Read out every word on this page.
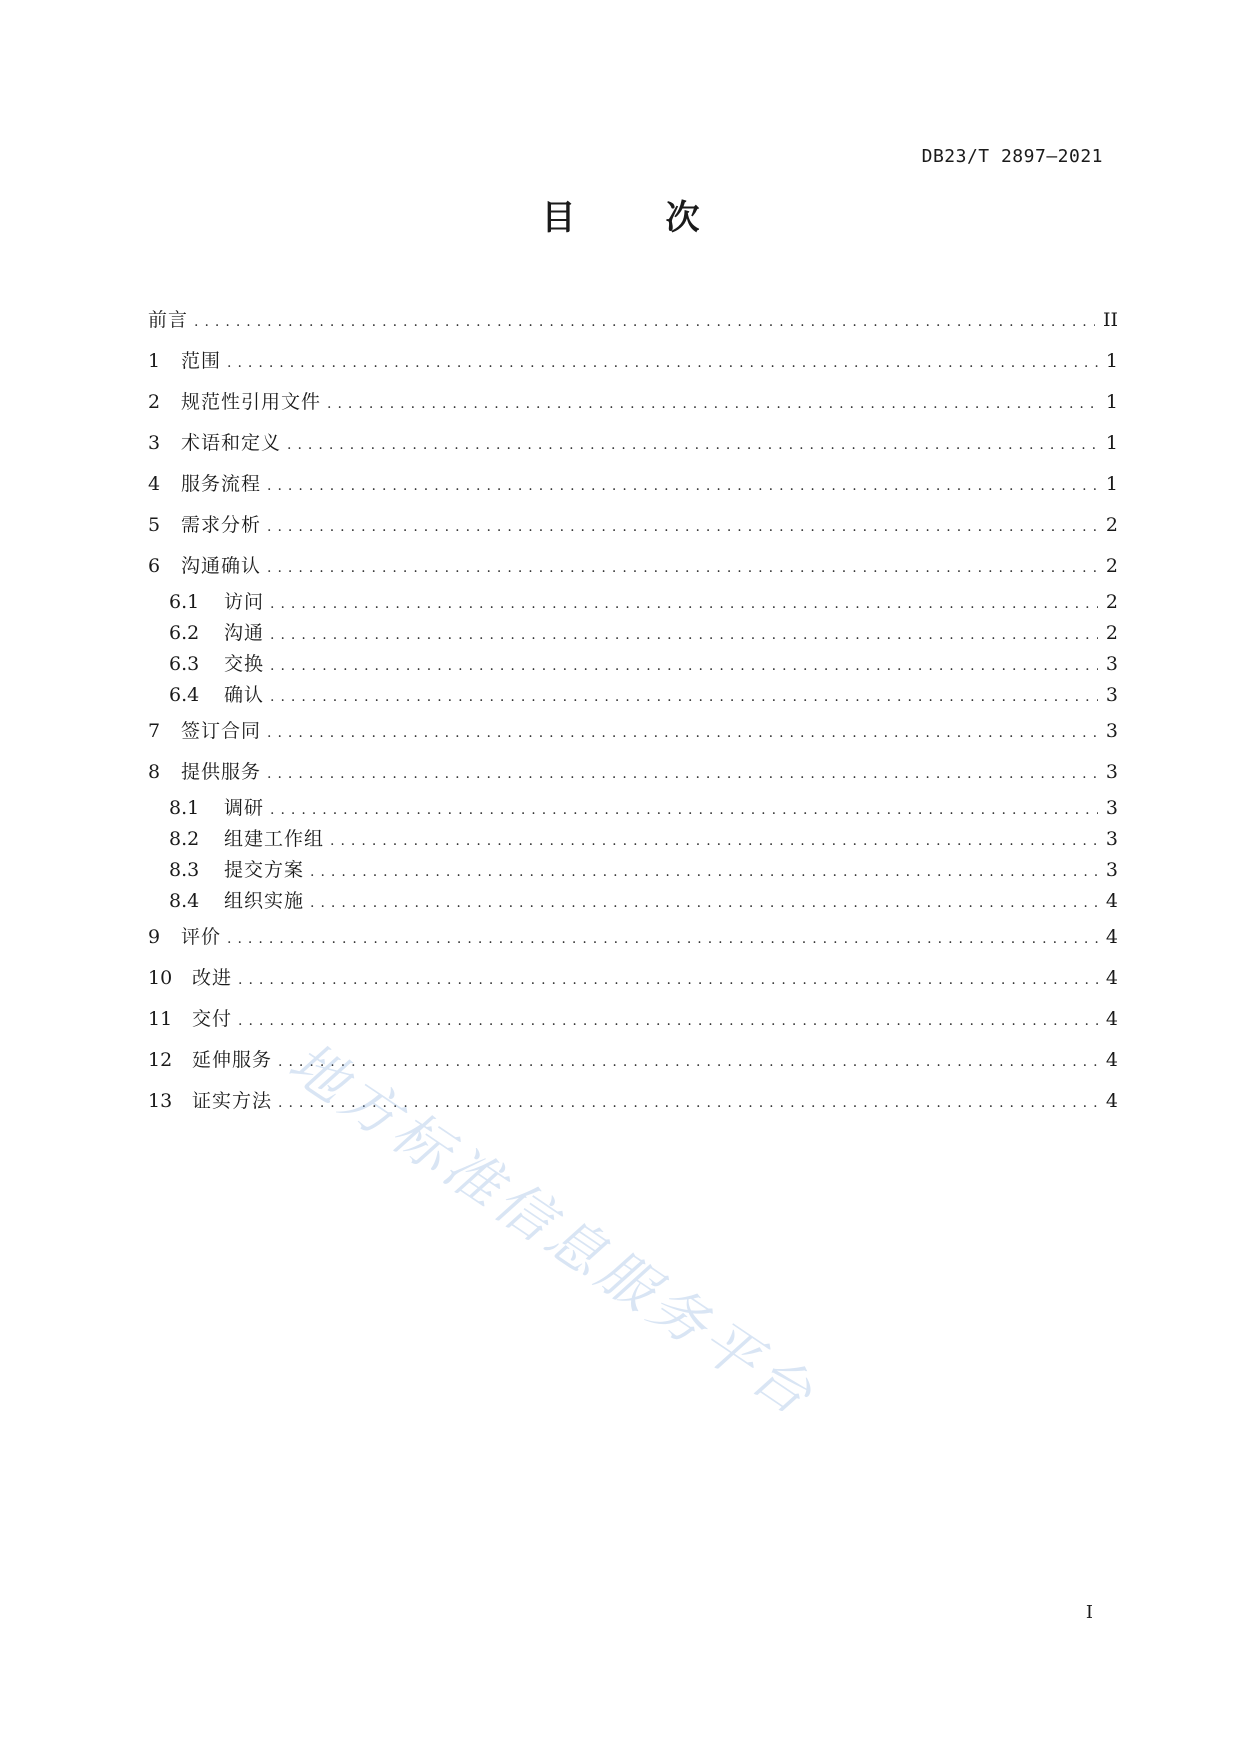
DB23/T 2897—2021
目	次
前言 .....	II
1	范围 .....	1
2	规范性引用文件 .....	1
3	术语和定义 .....	1
4	服务流程 .....	1
5	需求分析 .....	2
6	沟通确认 .....	2
6.1	访问 .....	2
6.2	沟通 .....	2
6.3	交换 .....	3
6.4	确认 .....	3
7	签订合同 .....	3
8	提供服务 .....	3
8.1	调研 .....	3
8.2	组建工作组 .....	3
8.3	提交方案 .....	3
8.4	组织实施 .....	4
9	评价 .....	4
10	改进 .....	4
11	交付 .....	4
12	延伸服务 .....	4
13	证实方法 .....	4
地方标准信息服务平台
I
